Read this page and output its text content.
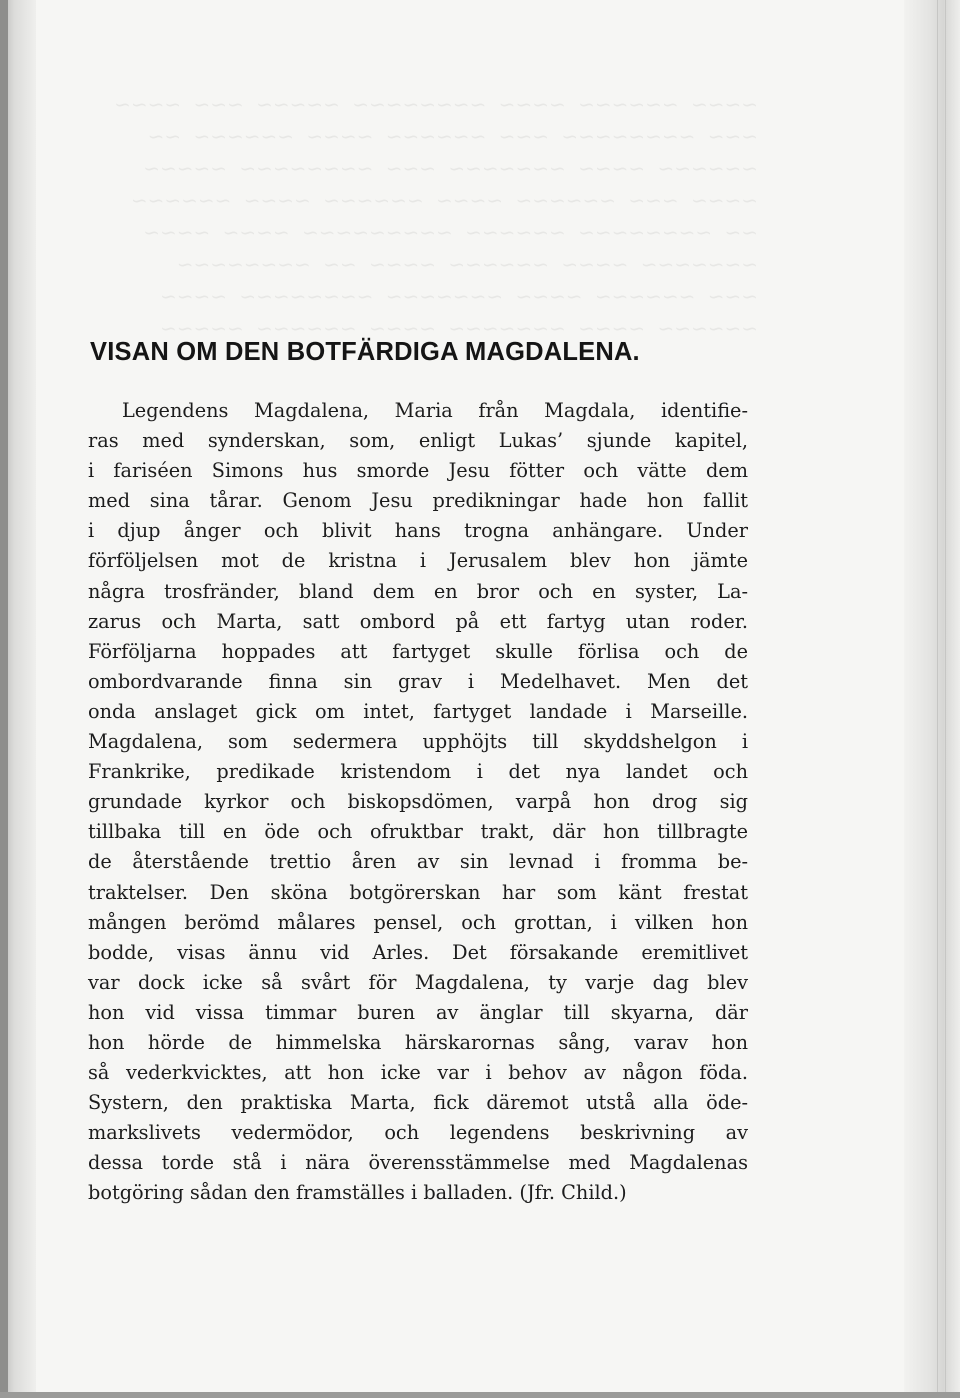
~~~~ ~~~~~~ ~~~~ ~~~~~~~~ ~~~~~ ~~~ ~~~~
~~~ ~~~~~~~~ ~~~ ~~~~~~ ~~~~ ~~~~~~ ~~
~~~~~~ ~~~~ ~~~~~~~ ~~~ ~~~~~~~~ ~~~~~
~~~~ ~~~ ~~~~~~ ~~~~ ~~~~~~ ~~~~ ~~~~~~
~~ ~~~~~~~~ ~~~~~~ ~~~~~~~~~ ~~~~ ~~~~
~~~~~~~ ~~~~ ~~~~~~ ~~~~ ~~ ~~~~~~~~
~~~ ~~~~~~ ~~~~ ~~~~~~~ ~~~~~~~~ ~~~~
~~~~~~ ~~~~ ~~~~~~~ ~~~~ ~~~~~~ ~~~~~
VISAN OM DEN BOTFÄRDIGA MAGDALENA.
Legendens Magdalena, Maria från Magdala, identifie-
ras med synderskan, som, enligt Lukas’ sjunde kapitel,
i fariséen Simons hus smorde Jesu fötter och vätte dem
med sina tårar. Genom Jesu predikningar hade hon fallit
i djup ånger och blivit hans trogna anhängare. Under
förföljelsen mot de kristna i Jerusalem blev hon jämte
några trosfränder, bland dem en bror och en syster, La-
zarus och Marta, satt ombord på ett fartyg utan roder.
Förföljarna hoppades att fartyget skulle förlisa och de
ombordvarande finna sin grav i Medelhavet. Men det
onda anslaget gick om intet, fartyget landade i Marseille.
Magdalena, som sedermera upphöjts till skyddshelgon i
Frankrike, predikade kristendom i det nya landet och
grundade kyrkor och biskopsdömen, varpå hon drog sig
tillbaka till en öde och ofruktbar trakt, där hon tillbragte
de återstående trettio åren av sin levnad i fromma be-
traktelser. Den sköna botgörerskan har som känt frestat
mången berömd målares pensel, och grottan, i vilken hon
bodde, visas ännu vid Arles. Det försakande eremitlivet
var dock icke så svårt för Magdalena, ty varje dag blev
hon vid vissa timmar buren av änglar till skyarna, där
hon hörde de himmelska härskarornas sång, varav hon
så vederkvicktes, att hon icke var i behov av någon föda.
Systern, den praktiska Marta, fick däremot utstå alla öde-
markslivets vedermödor, och legendens beskrivning av
dessa torde stå i nära överensstämmelse med Magdalenas
botgöring sådan den framställes i balladen. (Jfr. Child.)
